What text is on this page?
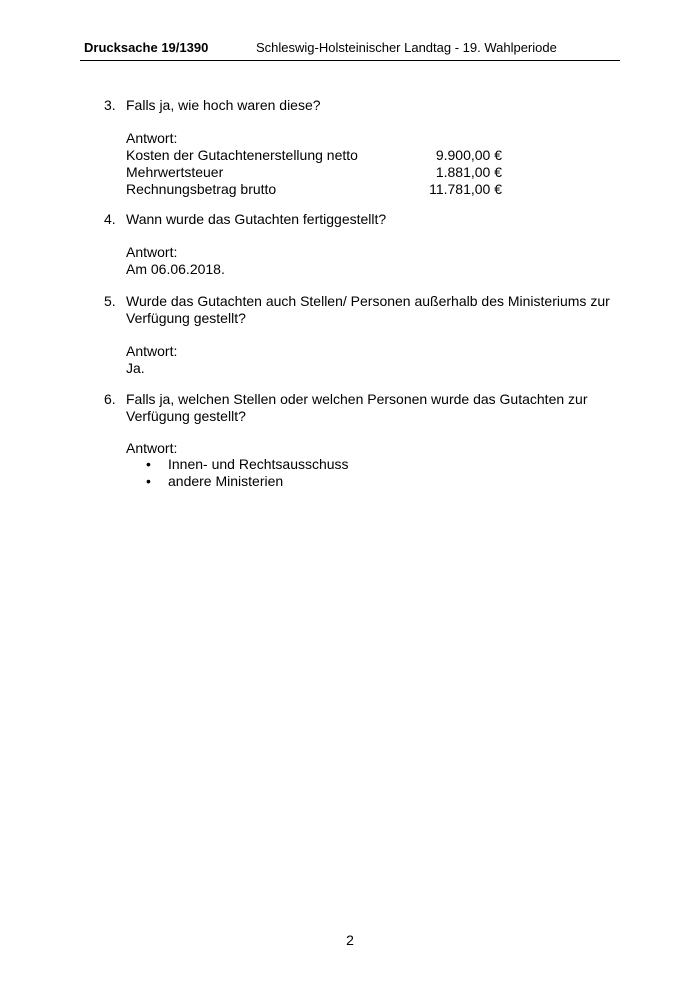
Drucksache 19/1390	Schleswig-Holsteinischer Landtag - 19. Wahlperiode
3. Falls ja, wie hoch waren diese?
Antwort:
Kosten der Gutachtenerstellung netto	9.900,00 €
Mehrwertsteuer	1.881,00 €
Rechnungsbetrag brutto	11.781,00 €
4. Wann wurde das Gutachten fertiggestellt?
Antwort:
Am 06.06.2018.
5. Wurde das Gutachten auch Stellen/ Personen außerhalb des Ministeriums zur
Verfügung gestellt?
Antwort:
Ja.
6. Falls ja, welchen Stellen oder welchen Personen wurde das Gutachten zur
Verfügung gestellt?
Antwort:
•	Innen- und Rechtsausschuss
•	andere Ministerien
2
